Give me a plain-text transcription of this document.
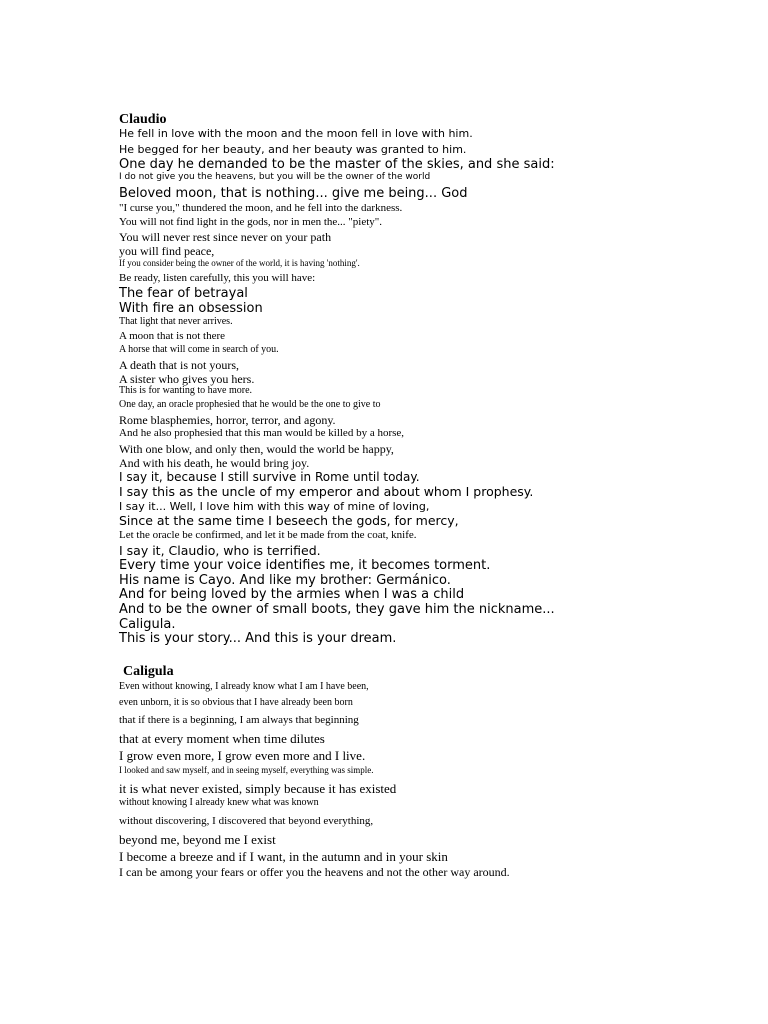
Claudio
He fell in love with the moon and the moon fell in love with him.
He begged for her beauty, and her beauty was granted to him.
One day he demanded to be the master of the skies, and she said:
I do not give you the heavens, but you will be the owner of the world
Beloved moon, that is nothing... give me being... God
"I curse you," thundered the moon, and he fell into the darkness.
You will not find light in the gods, nor in men the... "piety".
You will never rest since never on your path
you will find peace,
If you consider being the owner of the world, it is having 'nothing'.
Be ready, listen carefully, this you will have:
The fear of betrayal
With fire an obsession
That light that never arrives.
A moon that is not there
A horse that will come in search of you.
A death that is not yours,
A sister who gives you hers.
This is for wanting to have more.
One day, an oracle prophesied that he would be the one to give to
Rome blasphemies, horror, terror, and agony.
And he also prophesied that this man would be killed by a horse,
With one blow, and only then, would the world be happy,
And with his death, he would bring joy.
I say it, because I still survive in Rome until today.
I say this as the uncle of my emperor and about whom I prophesy.
I say it... Well, I love him with this way of mine of loving,
Since at the same time I beseech the gods, for mercy,
Let the oracle be confirmed, and let it be made from the coat, knife.
I say it, Claudio, who is terrified.
Every time your voice identifies me, it becomes torment.
His name is Cayo. And like my brother: Germánico.
And for being loved by the armies when I was a child
And to be the owner of small boots, they gave him the nickname...
Caligula.
This is your story... And this is your dream.
Caligula
Even without knowing, I already know what I am I have been,
even unborn, it is so obvious that I have already been born
that if there is a beginning, I am always that beginning
that at every moment when time dilutes
I grow even more, I grow even more and I live.
I looked and saw myself, and in seeing myself, everything was simple.
it is what never existed, simply because it has existed
without knowing I already knew what was known
without discovering, I discovered that beyond everything,
beyond me, beyond me I exist
I become a breeze and if I want, in the autumn and in your skin
I can be among your fears or offer you the heavens and not the other way around.
